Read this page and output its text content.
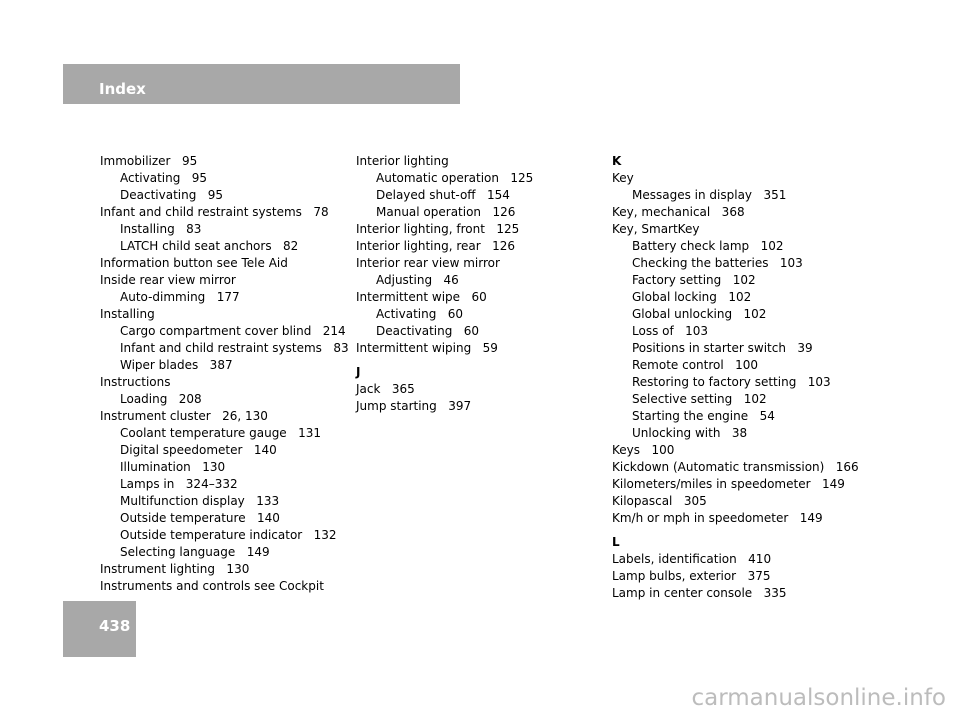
Index
Immobilizer   95
Activating   95
Deactivating   95
Infant and child restraint systems   78
Installing   83
LATCH child seat anchors   82
Information button see Tele Aid
Inside rear view mirror
Auto-dimming   177
Installing
Cargo compartment cover blind   214
Infant and child restraint systems   83
Wiper blades   387
Instructions
Loading   208
Instrument cluster   26, 130
Coolant temperature gauge   131
Digital speedometer   140
Illumination   130
Lamps in   324–332
Multifunction display   133
Outside temperature   140
Outside temperature indicator   132
Selecting language   149
Instrument lighting   130
Instruments and controls see Cockpit
Interior lighting
Automatic operation   125
Delayed shut-off   154
Manual operation   126
Interior lighting, front   125
Interior lighting, rear   126
Interior rear view mirror
Adjusting   46
Intermittent wipe   60
Activating   60
Deactivating   60
Intermittent wiping   59
J
Jack   365
Jump starting   397
K
Key
Messages in display   351
Key, mechanical   368
Key, SmartKey
Battery check lamp   102
Checking the batteries   103
Factory setting   102
Global locking   102
Global unlocking   102
Loss of   103
Positions in starter switch   39
Remote control   100
Restoring to factory setting   103
Selective setting   102
Starting the engine   54
Unlocking with   38
Keys   100
Kickdown (Automatic transmission)   166
Kilometers/miles in speedometer   149
Kilopascal   305
Km/h or mph in speedometer   149
L
Labels, identification   410
Lamp bulbs, exterior   375
Lamp in center console   335
438
carmanualsonline.info
